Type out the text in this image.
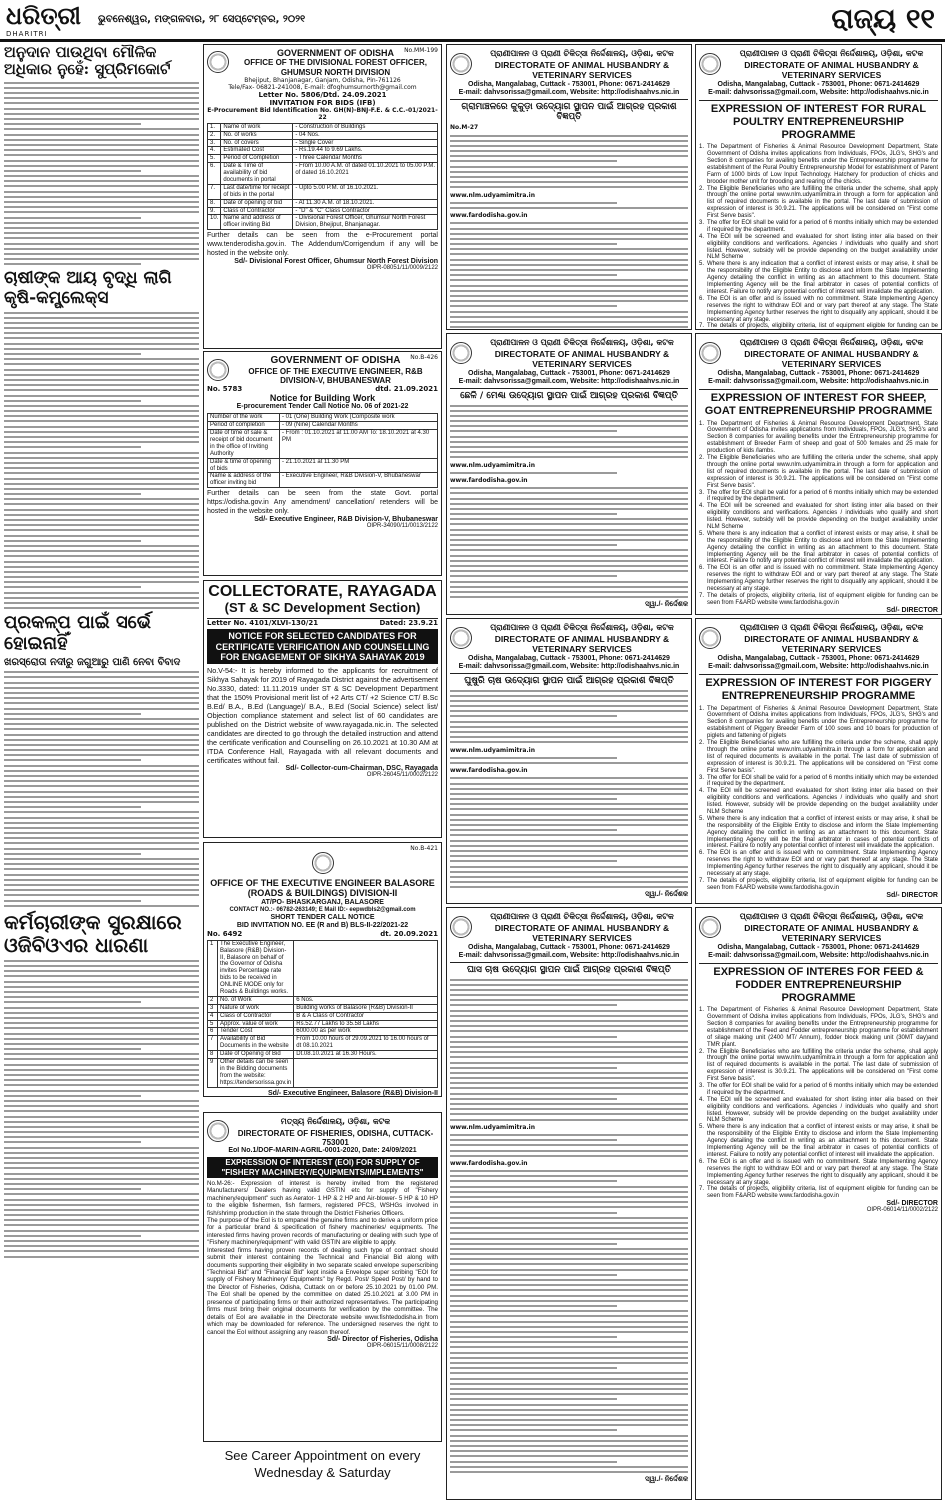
ଧରିତ୍ରୀ
DHARITRI
ଭୁବନେଶ୍ୱର, ମଙ୍ଗଳବାର, ୨୮ ସେପ୍ଟେମ୍ବର, ୨୦୨୧	ରାଜ୍ୟ ୧୧
ଅନୁଦାନ ପାଉଥିବା ମୌଳିକ ଅଧିକାର ନୁହେଁ: ସୁପ୍ରିମକୋର୍ଟ
ଚାଷୀଙ୍କ ଆୟ ବୃଦ୍ଧି ଲାଗି କୃଷି-କମ୍ପ୍ଲେକ୍ସ
ପ୍ରକଳ୍ପ ପାଇଁ ସର୍ଭେ ହୋଇନାହିଁ
ଖରସ୍ରୋତା ନଦୀରୁ ଜଗୁଆରୁ ପାଣି ନେବା ବିବାଦ
କର୍ମଚାରୀଙ୍କ ସୁରକ୍ଷାରେ ଓଜିବିଓଏର ଧାରଣା
No.MM-199
GOVERNMENT OF ODISHA
OFFICE OF THE DIVISIONAL FOREST OFFICER, GHUMSUR NORTH DIVISION
Bhejiput, Bhanjanagar, Ganjam, Odisha, Pin-761126
Tele/Fax- 06821-241008, E-mail: dfoghumsurnorth@gmail.com
Letter No. 5806/Dtd. 24.09.2021
INVITATION FOR BIDS (IFB)
E-Procurement Bid Identification No. GH(N)-BNJ-F.E. & C.C.-01/2021-22
1.	Name of work	- Construction of Buildings
2.	No. of works	- 04 Nos.
3.	No. of covers	- Single Cover
4.	Estimated Cost	- Rs.19.44 to 9.69 Lakhs.
5.	Period of Completion	- Three Calendar Months
6.	Date & Time of availability of bid documents in portal	- From 10.00 A.M. of dated 01.10.2021 to 05.00 P.M. of dated 16.10.2021
7.	Last date/time for receipt of bids in the portal	- Upto 5.00 P.M. of 16.10.2021.
8.	Date of opening of bid	- At 11.30 A.M. of 18.10.2021.
9.	Class of Contractor	- "D" & "C" Class Contractor
10.	Name and address of officer inviting Bid	- Divisional Forest Officer, Ghumsur North Forest Division, Bhejiput, Bhanjanagar.
Further details can be seen from the e-Procurement portal www.tenderodisha.gov.in. The Addendum/Corrigendum if any will be hosted in the website only.
Sd/- Divisional Forest Officer, Ghumsur North Forest Division
OIPR-08051/11/0009/2122
No.B-426
GOVERNMENT OF ODISHA
OFFICE OF THE EXECUTIVE ENGINEER, R&B DIVISION-V, BHUBANESWAR
No. 5783	dtd. 21.09.2021
Notice for Building Work
E-procurement Tender Call Notice No. 06 of 2021-22
Number of the work	- 01 (One) Building Work (Composite work
Period of completion	- 09 (Nine) Calendar Months
Date of time of sale & receipt of bid document in the office of Inviting Authority	- From : 01.10.2021 at 11.00 AM To: 18.10.2021 at 4.30 PM
Date & time of opening of bids	- 21.10.2021 at 11.30 PM
Name & address of the officer inviting bid	- Executive Engineer, R&B Division-V, Bhubaneswar
Further details can be seen from the state Govt. portal https://odisha.gov.in Any amendment/ cancellation/ retenders will be hosted in the website only.
Sd/- Executive Engineer, R&B Division-V, Bhubaneswar
OIPR-34090/11/0013/2122
COLLECTORATE, RAYAGADA
(ST & SC Development Section)
Letter No. 4101/XLVI-130/21	Dated: 23.9.21
NOTICE FOR SELECTED CANDIDATES FOR CERTIFICATE VERIFICATION AND COUNSELLING FOR ENGAGEMENT OF SIKHYA SAHAYAK 2019
No.V-54:- It is hereby informed to the applicants for recruitment of Sikhya Sahayak for 2019 of Rayagada District against the advertisement No.3330, dated: 11.11.2019 under ST & SC Development Department that the 150% Provisional merit list of +2 Arts CT/ +2 Science CT/ B.Sc B.Ed/ B.A., B.Ed (Language)/ B.A., B.Ed (Social Science) select list/ Objection compliance statement and select list of 60 candidates are published on the District website of www.rayagada.nic.in. The selected candidates are directed to go through the detailed instruction and attend the certificate verification and Counselling on 26.10.2021 at 10.30 AM at ITDA Conference Hall, Rayagada with all relevant documents and certificates without fail.
Sd/- Collector-cum-Chairman, DSC, Rayagada
OIPR-26045/11/0002/2122
No.B-421
OFFICE OF THE EXECUTIVE ENGINEER BALASORE (ROADS & BUILDINGS) DIVISION-II
AT/PO- BHASKARGANJ, BALASORE
CONTACT NO.:- 06782-263149; E Mail ID:- eepwdbls2@gmail.com
SHORT TENDER CALL NOTICE
BID INVITATION NO. EE (R and B) BLS-II-22/2021-22
No. 6492	dt. 20.09.2021
1	The Executive Engineer, Balasore (R&B) Division-II, Balasore on behalf of the Governor of Odisha invites Percentage rate bids to be received in ONLINE MODE only for Roads & Buildings works.	
2	No. of Work	6 Nos.
3	Nature of work	Building works of Balasore (R&B) Division-II
4	Class of Contractor	B & A Class of Contractor
5	Approx. value of work	Rs.52.77 Lakhs to 35.58 Lakhs
6	Tender Cost	6000.00 as per work
7	Availability of Bid Documents in the website	From 10.00 hours of 29.09.2021 to 16.00 hours of dt 08.10.2021
8	Date of Opening of Bid	Dt.08.10.2021 at 16.30 Hours.
9	Other details can be seen in the Bidding documents from the website: https://tendersorissa.gov.in	
Sd/- Executive Engineer, Balasore (R&B) Division-II
ମତ୍ସ୍ୟ ନିର୍ଦ୍ଦେଶାଳୟ, ଓଡ଼ିଶା, କଟକ
DIRECTORATE OF FISHERIES, ODISHA, CUTTACK-753001
EoI No.1/DOF-MARIN-AGRIL-0001-2020, Date: 24/09/2021
EXPRESSION OF INTEREST (EOI) FOR SUPPLY OF "FISHERY MACHINERY/EQUIPMENTS/IMPLEMENTS"
No.M-26:- Expression of interest is hereby invited from the registered Manufacturers/ Dealers having valid GSTIN etc for supply of "Fishery machinery/equipment" such as Aerator- 1 HP & 2 HP and Air-blower- 5 HP & 10 HP to the eligible fishermen, fish farmers, registered PFCS, WSHGs involved in fish/shrimp production in the state through the District Fisheries Officers.
The purpose of the EoI is to empanel the genuine firms and to derive a uniform price for a particular brand & specification of fishery machineries/ equipments. The interested firms having proven records of manufacturing or dealing with such type of "Fishery machinery/equipment" with valid GSTIN are eligible to apply.
Interested firms having proven records of dealing such type of contract should submit their interest containing the Technical and Financial Bid along with documents supporting their eligibility in two separate scaled envelope superscribing "Technical Bid" and "Financial Bid" kept inside a Envelope super scribing "EOI for supply of Fishery Machinery/ Equipments" by Regd. Post/ Speed Post/ by hand to the Director of Fisheries, Odisha, Cuttack on or before 25.10.2021 by 01.00 PM. The EoI shall be opened by the committee on dated 25.10.2021 at 3.00 PM in presence of participating firms or their authorized representatives. The participating firms must bring their original documents for verification by the committee. The details of EoI are available in the Directorate website www.fishtedodisha.in from which may be downloaded for reference. The undersigned reserves the right to cancel the EoI without assigning any reason thereof.
Sd/- Director of Fisheries, Odisha
OIPR-06015/11/0008/2122
See Career Appointment on every Wednesday & Saturday
ପ୍ରାଣୀପାଳନ ଓ ପ୍ରାଣୀ ଚିକିତ୍ସା ନିର୍ଦ୍ଦେଶାଳୟ, ଓଡ଼ିଶା, କଟକ
DIRECTORATE OF ANIMAL HUSBANDRY & VETERINARY SERVICES
Odisha, Mangalabag, Cuttack - 753001, Phone: 0671-2414629
E-mail: dahvsorissa@gmail.com, Website: http://odishaahvs.nic.in
ଗ୍ରାମାଞ୍ଚଳରେ କୁକୁଡ଼ା ଉଦ୍ୟୋଗ ସ୍ଥାପନ ପାଇଁ ଆଗ୍ରହ ପ୍ରକାଶ ବିଜ୍ଞପ୍ତି
No.M-27
www.nlm.udyamimitra.in
www.fardodisha.gov.in
ପ୍ରାଣୀପାଳନ ଓ ପ୍ରାଣୀ ଚିକିତ୍ସା ନିର୍ଦ୍ଦେଶାଳୟ, ଓଡ଼ିଶା, କଟକ
DIRECTORATE OF ANIMAL HUSBANDRY & VETERINARY SERVICES
Odisha, Mangalabag, Cuttack - 753001, Phone: 0671-2414629
E-mail: dahvsorissa@gmail.com, Website: http://odishaahvs.nic.in
ଛେଳି / ମେଣ୍ଢା ଉଦ୍ୟୋଗ ସ୍ଥାପନ ପାଇଁ ଆଗ୍ରହ ପ୍ରକାଶ ବିଜ୍ଞପ୍ତି
www.nlm.udyamimitra.in
www.fardodisha.gov.in
ସ୍ୱା./- ନିର୍ଦ୍ଦେଶକ
ପ୍ରାଣୀପାଳନ ଓ ପ୍ରାଣୀ ଚିକିତ୍ସା ନିର୍ଦ୍ଦେଶାଳୟ, ଓଡ଼ିଶା, କଟକ
DIRECTORATE OF ANIMAL HUSBANDRY & VETERINARY SERVICES
Odisha, Mangalabag, Cuttack - 753001, Phone: 0671-2414629
E-mail: dahvsorissa@gmail.com, Website: http://odishaahvs.nic.in
ଘୁଷୁରି ଚାଷ ଉଦ୍ୟୋଗ ସ୍ଥାପନ ପାଇଁ ଆଗ୍ରହ ପ୍ରକାଶ ବିଜ୍ଞପ୍ତି
www.nlm.udyamimitra.in
www.fardodisha.gov.in
ସ୍ୱା./- ନିର୍ଦ୍ଦେଶକ
ପ୍ରାଣୀପାଳନ ଓ ପ୍ରାଣୀ ଚିକିତ୍ସା ନିର୍ଦ୍ଦେଶାଳୟ, ଓଡ଼ିଶା, କଟକ
DIRECTORATE OF ANIMAL HUSBANDRY & VETERINARY SERVICES
Odisha, Mangalabag, Cuttack - 753001, Phone: 0671-2414629
E-mail: dahvsorissa@gmail.com, Website: http://odishaahvs.nic.in
ଘାସ ଚାଷ ଉଦ୍ୟୋଗ ସ୍ଥାପନ ପାଇଁ ଆଗ୍ରହ ପ୍ରକାଶ ବିଜ୍ଞପ୍ତି
www.nlm.udyamimitra.in
www.fardodisha.gov.in
ସ୍ୱା./- ନିର୍ଦ୍ଦେଶକ
ପ୍ରାଣୀପାଳନ ଓ ପ୍ରାଣୀ ଚିକିତ୍ସା ନିର୍ଦ୍ଦେଶାଳୟ, ଓଡ଼ିଶା, କଟକ
DIRECTORATE OF ANIMAL HUSBANDRY & VETERINARY SERVICES
Odisha, Mangalabag, Cuttack - 753001, Phone: 0671-2414629
E-mail: dahvsorissa@gmail.com, Website: http://odishaahvs.nic.in
EXPRESSION OF INTEREST FOR RURAL POULTRY ENTREPRENEURSHIP PROGRAMME
1. The Department of Fisheries & Animal Resource Development Department, State Government of Odisha invites applications from Individuals, FPOs, JLG's, SHG's and Section 8 companies for availing benefits under the Entrepreneurship programme for establishment of the Rural Poultry Entrepreneurship Model for establishment of Parent Farm of 1000 birds of Low Input Technology. Hatchery for production of chicks and brooder mother unit for brooding and rearing of the chicks.
2. The Eligible Beneficiaries who are fulfilling the criteria under the scheme, shall apply through the online portal www.nlm.udyamimitra.in through a form for application and list of required documents is available in the portal. The last date of submission of expression of interest is 30.9.21. The applications will be considered on "First come First Serve basis".
3. The offer for EOI shall be valid for a period of 6 months initially which may be extended if required by the department.
4. The EOI will be screened and evaluated for short listing inter alia based on their eligibility conditions and verifications. Agencies / individuals who qualify and short listed. However, subsidy will be provide depending on the budget availability under NLM Scheme
5. Where there is any indication that a conflict of interest exists or may arise, it shall be the responsibility of the Eligible Entity to disclose and inform the State Implementing Agency detailing the conflict in writing as an attachment to this document. State Implementing Agency will be the final arbitrator in cases of potential conflicts of interest. Failure to notify any potential conflict of interest will invalidate the application.
6. The EOI is an offer and is issued with no commitment. State Implementing Agency reserves the right to withdraw EOI and or vary part thereof at any stage. The State Implementing Agency further reserves the right to disqualify any applicant, should it be necessary at any stage.
7. The details of projects, eligibility criteria, list of equipment eligible for funding can be
ପ୍ରାଣୀପାଳନ ଓ ପ୍ରାଣୀ ଚିକିତ୍ସା ନିର୍ଦ୍ଦେଶାଳୟ, ଓଡ଼ିଶା, କଟକ
DIRECTORATE OF ANIMAL HUSBANDRY & VETERINARY SERVICES
Odisha, Mangalabag, Cuttack - 753001, Phone: 0671-2414629
E-mail: dahvsorissa@gmail.com, Website: http://odishaahvs.nic.in
EXPRESSION OF INTEREST FOR SHEEP, GOAT ENTREPRENEURSHIP PROGRAMME
1. The Department of Fisheries & Animal Resource Development Department, State Government of Odisha invites applications from Individuals, FPOs, JLG's, SHG's and Section 8 companies for availing benefits under the Entrepreneurship programme for establishment of Breeder Farm of sheep and goat of 500 females and 25 male for production of kids /lambs.
2. The Eligible Beneficiaries who are fulfilling the criteria under the scheme, shall apply through the online portal www.nlm.udyamimitra.in through a form for application and list of required documents is available in the portal. The last date of submission of expression of interest is 30.9.21. The applications will be considered on "First come First Serve basis".
3. The offer for EOI shall be valid for a period of 6 months initially which may be extended if required by the department.
4. The EOI will be screened and evaluated for short listing inter alia based on their eligibility conditions and verifications. Agencies / individuals who qualify and short listed. However, subsidy will be provide depending on the budget availability under NLM Scheme
5. Where there is any indication that a conflict of interest exists or may arise, it shall be the responsibility of the Eligible Entity to disclose and inform the State Implementing Agency detailing the conflict in writing as an attachment to this document. State Implementing Agency will be the final arbitrator in cases of potential conflicts of interest. Failure to notify any potential conflict of interest will invalidate the application.
6. The EOI is an offer and is issued with no commitment. State Implementing Agency reserves the right to withdraw EOI and or vary part thereof at any stage. The State Implementing Agency further reserves the right to disqualify any applicant, should it be necessary at any stage.
7. The details of projects, eligibility criteria, list of equipment eligible for funding can be seen from F&ARD website www.fardodisha.gov.in
Sd/- DIRECTOR
ପ୍ରାଣୀପାଳନ ଓ ପ୍ରାଣୀ ଚିକିତ୍ସା ନିର୍ଦ୍ଦେଶାଳୟ, ଓଡ଼ିଶା, କଟକ
DIRECTORATE OF ANIMAL HUSBANDRY & VETERINARY SERVICES
Odisha, Mangalabag, Cuttack - 753001, Phone: 0671-2414629
E-mail: dahvsorissa@gmail.com, Website: http://odishaahvs.nic.in
EXPRESSION OF INTEREST FOR PIGGERY ENTREPRENEURSHIP PROGRAMME
1. The Department of Fisheries & Animal Resource Development Department, State Government of Odisha invites applications from Individuals, FPOs, JLG's, SHG's and Section 8 companies for availing benefits under the Entrepreneurship programme for establishment of Piggery Breeder Farm of 100 sows and 10 boars for production of piglets and fattening of piglets
2. The Eligible Beneficiaries who are fulfilling the criteria under the scheme, shall apply through the online portal www.nlm.udyamimitra.in through a form for application and list of required documents is available in the portal. The last date of submission of expression of interest is 30.9.21. The applications will be considered on "First come First Serve basis".
3. The offer for EOI shall be valid for a period of 6 months initially which may be extended if required by the department.
4. The EOI will be screened and evaluated for short listing inter alia based on their eligibility conditions and verifications. Agencies / individuals who qualify and short listed. However, subsidy will be provide depending on the budget availability under NLM Scheme
5. Where there is any indication that a conflict of interest exists or may arise, it shall be the responsibility of the Eligible Entity to disclose and inform the State Implementing Agency detailing the conflict in writing as an attachment to this document. State Implementing Agency will be the final arbitrator in cases of potential conflicts of interest. Failure to notify any potential conflict of interest will invalidate the application.
6. The EOI is an offer and is issued with no commitment. State Implementing Agency reserves the right to withdraw EOI and or vary part thereof at any stage. The State Implementing Agency further reserves the right to disqualify any applicant, should it be necessary at any stage.
7. The details of projects, eligibility criteria, list of equipment eligible for funding can be seen from F&ARD website www.fardodisha.gov.in
Sd/- DIRECTOR
ପ୍ରାଣୀପାଳନ ଓ ପ୍ରାଣୀ ଚିକିତ୍ସା ନିର୍ଦ୍ଦେଶାଳୟ, ଓଡ଼ିଶା, କଟକ
DIRECTORATE OF ANIMAL HUSBANDRY & VETERINARY SERVICES
Odisha, Mangalabag, Cuttack - 753001, Phone: 0671-2414629
E-mail: dahvsorissa@gmail.com, Website: http://odishaahvs.nic.in
EXPRESSION OF INTERES FOR FEED & FODDER ENTREPRENEURSHIP PROGRAMME
1. The Department of Fisheries & Animal Resource Development Department, State Government of Odisha invites applications from Individuals, FPOs, JLG's, SHG's and Section 8 companies for availing benefits under the Entrepreneurship programme for establishment of the Feed and Fodder entrepreneurship programme for establishment of silage making unit (2400 MT/ Annum), fodder block making unit (30MT day)and TMR plant.
2. The Eligible Beneficiaries who are fulfilling the criteria under the scheme, shall apply through the online portal www.nlm.udyamimitra.in through a form for application and list of required documents is available in the portal. The last date of submission of expression of interest is 30.9.21. The applications will be considered on "First come First Serve basis".
3. The offer for EOI shall be valid for a period of 6 months initially which may be extended if required by the department.
4. The EOI will be screened and evaluated for short listing inter alia based on their eligibility conditions and verifications. Agencies / individuals who qualify and short listed. However, subsidy will be provide depending on the budget availability under NLM Scheme
5. Where there is any indication that a conflict of interest exists or may arise, it shall be the responsibility of the Eligible Entity to disclose and inform the State Implementing Agency detailing the conflict in writing as an attachment to this document. State Implementing Agency will be the final arbitrator in cases of potential conflicts of interest. Failure to notify any potential conflict of interest will invalidate the application.
6. The EOI is an offer and is issued with no commitment. State Implementing Agency reserves the right to withdraw EOI and or vary part thereof at any stage. The State Implementing Agency further reserves the right to disqualify any applicant, should it be necessary at any stage.
7. The details of projects, eligibility criteria, list of equipment eligible for funding can be seen from F&ARD website www.fardodisha.gov.in
Sd/- DIRECTOR
OIPR-06014/11/0002/2122
